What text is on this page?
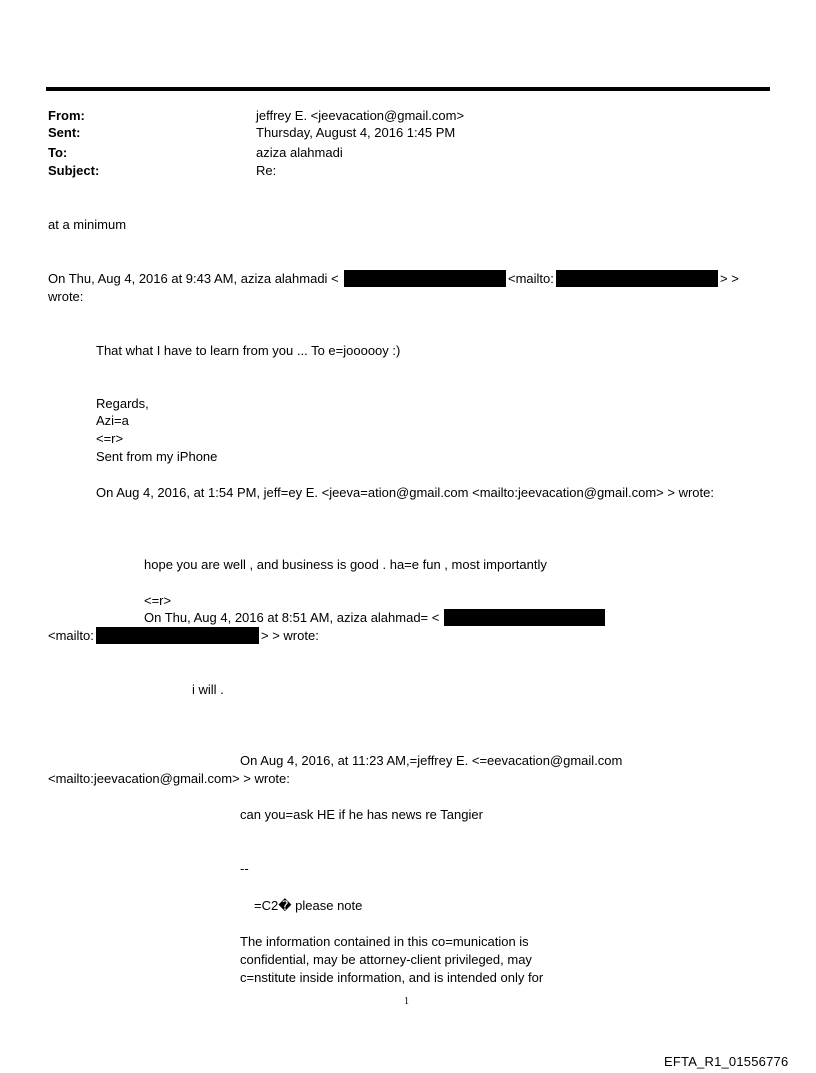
From:	jeffrey E. <jeevacation@gmail.com>
Sent:	Thursday, August 4, 2016 1:45 PM
To:	aziza alahmadi
Subject:	Re:
at a minimum
On Thu, Aug 4, 2016 at 9:43 AM, aziza alahmadi <	<mailto:	> >
wrote:
That what I have to learn from you ... To e=joooooy :)
Regards,
Azi=a
<=r>
Sent from my iPhone
On Aug 4, 2016, at 1:54 PM, jeff=ey E. <jeeva=ation@gmail.com <mailto:jeevacation@gmail.com> > wrote:
hope you are well , and business is good . ha=e fun , most importantly
<=r>
On Thu, Aug 4, 2016 at 8:51 AM, aziza alahmad= <
<mailto:	> > wrote:
i will .
On Aug 4, 2016, at 11:23 AM,=jeffrey E. <=eevacation@gmail.com
<mailto:jeevacation@gmail.com> > wrote:
can you=ask HE if he has news re Tangier
--
=C2� please note
The information contained in this co=munication is
confidential, may be attorney-client privileged, may
c=nstitute inside information, and is intended only for
1
EFTA_R1_01556776
